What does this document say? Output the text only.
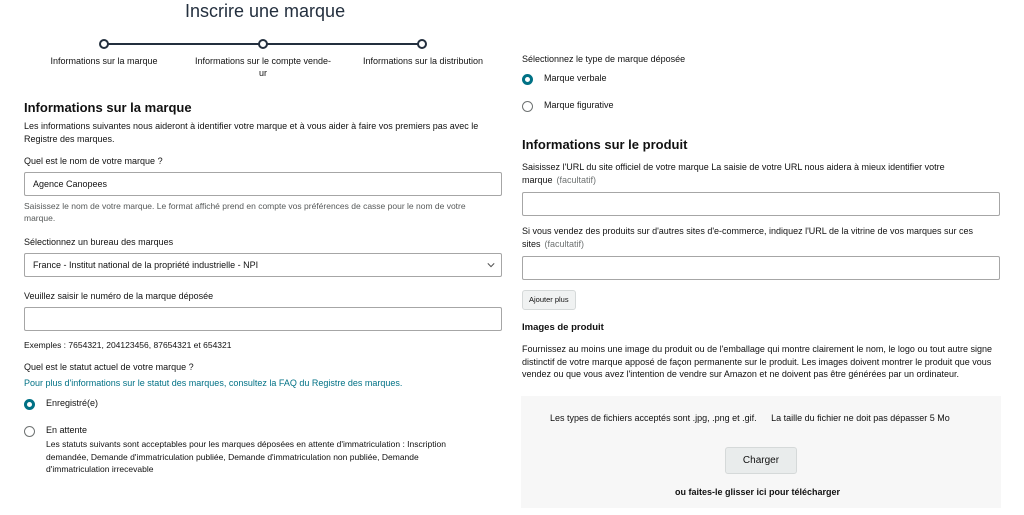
Inscrire une marque
Informations sur la marque	Informations sur le compte vende-
ur
Informations sur la distribution
Informations sur la marque
Les informations suivantes nous aideront à identifier votre marque et à vous aider à faire vos premiers pas avec le Registre des marques.
Quel est le nom de votre marque ?
Agence Canopees
Saisissez le nom de votre marque. Le format affiché prend en compte vos préférences de casse pour le nom de votre marque.
Sélectionnez un bureau des marques
France - Institut national de la propriété industrielle - NPI
Veuillez saisir le numéro de la marque déposée
Exemples : 7654321, 204123456, 87654321 et 654321
Quel est le statut actuel de votre marque ?
Pour plus d'informations sur le statut des marques, consultez la FAQ du Registre des marques.
Enregistré(e)
En attente
Les statuts suivants sont acceptables pour les marques déposées en attente d'immatriculation : Inscription demandée, Demande d'immatriculation publiée, Demande d'immatriculation non publiée, Demande d'immatriculation irrecevable
Sélectionnez le type de marque déposée
Marque verbale
Marque figurative
Informations sur le produit
Saisissez l'URL du site officiel de votre marque La saisie de votre URL nous aidera à mieux identifier votre marque (facultatif)
Si vous vendez des produits sur d'autres sites d'e-commerce, indiquez l'URL de la vitrine de vos marques sur ces sites (facultatif)
Ajouter plus
Images de produit
Fournissez au moins une image du produit ou de l'emballage qui montre clairement le nom, le logo ou tout autre signe distinctif de votre marque apposé de façon permanente sur le produit. Les images doivent montrer le produit que vous vendez ou que vous avez l'intention de vendre sur Amazon et ne doivent pas être générées par un ordinateur.
Les types de fichiers acceptés sont .jpg, .png et .gif. La taille du fichier ne doit pas dépasser 5 Mo
Charger
ou faites-le glisser ici pour télécharger
